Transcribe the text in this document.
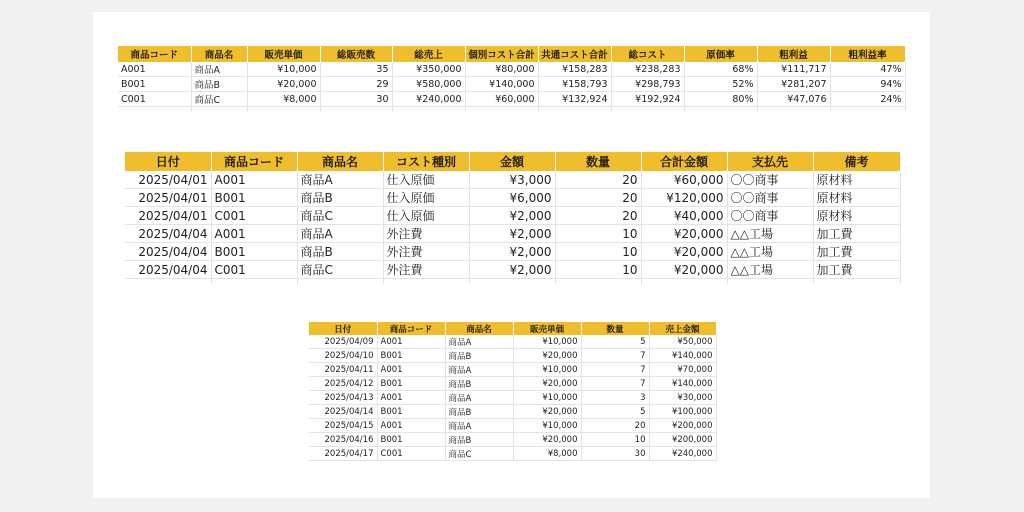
商品コード	商品名	販売単価	総販売数	総売上	個別コスト合計	共通コスト合計	総コスト	原価率	粗利益	粗利益率
A001	商品A	¥10,000	35	¥350,000	¥80,000	¥158,283	¥238,283	68%	¥111,717	47%
B001	商品B	¥20,000	29	¥580,000	¥140,000	¥158,793	¥298,793	52%	¥281,207	94%
C001	商品C	¥8,000	30	¥240,000	¥60,000	¥132,924	¥192,924	80%	¥47,076	24%

日付	商品コード	商品名	コスト種別	金額	数量	合計金額	支払先	備考
2025/04/01	A001	商品A	仕入原価	¥3,000	20	¥60,000	〇〇商事	原材料
2025/04/01	B001	商品B	仕入原価	¥6,000	20	¥120,000	〇〇商事	原材料
2025/04/01	C001	商品C	仕入原価	¥2,000	20	¥40,000	〇〇商事	原材料
2025/04/04	A001	商品A	外注費	¥2,000	10	¥20,000	△△工場	加工費
2025/04/04	B001	商品B	外注費	¥2,000	10	¥20,000	△△工場	加工費
2025/04/04	C001	商品C	外注費	¥2,000	10	¥20,000	△△工場	加工費

日付	商品コード	商品名	販売単価	数量	売上金額
2025/04/09	A001	商品A	¥10,000	5	¥50,000
2025/04/10	B001	商品B	¥20,000	7	¥140,000
2025/04/11	A001	商品A	¥10,000	7	¥70,000
2025/04/12	B001	商品B	¥20,000	7	¥140,000
2025/04/13	A001	商品A	¥10,000	3	¥30,000
2025/04/14	B001	商品B	¥20,000	5	¥100,000
2025/04/15	A001	商品A	¥10,000	20	¥200,000
2025/04/16	B001	商品B	¥20,000	10	¥200,000
2025/04/17	C001	商品C	¥8,000	30	¥240,000
